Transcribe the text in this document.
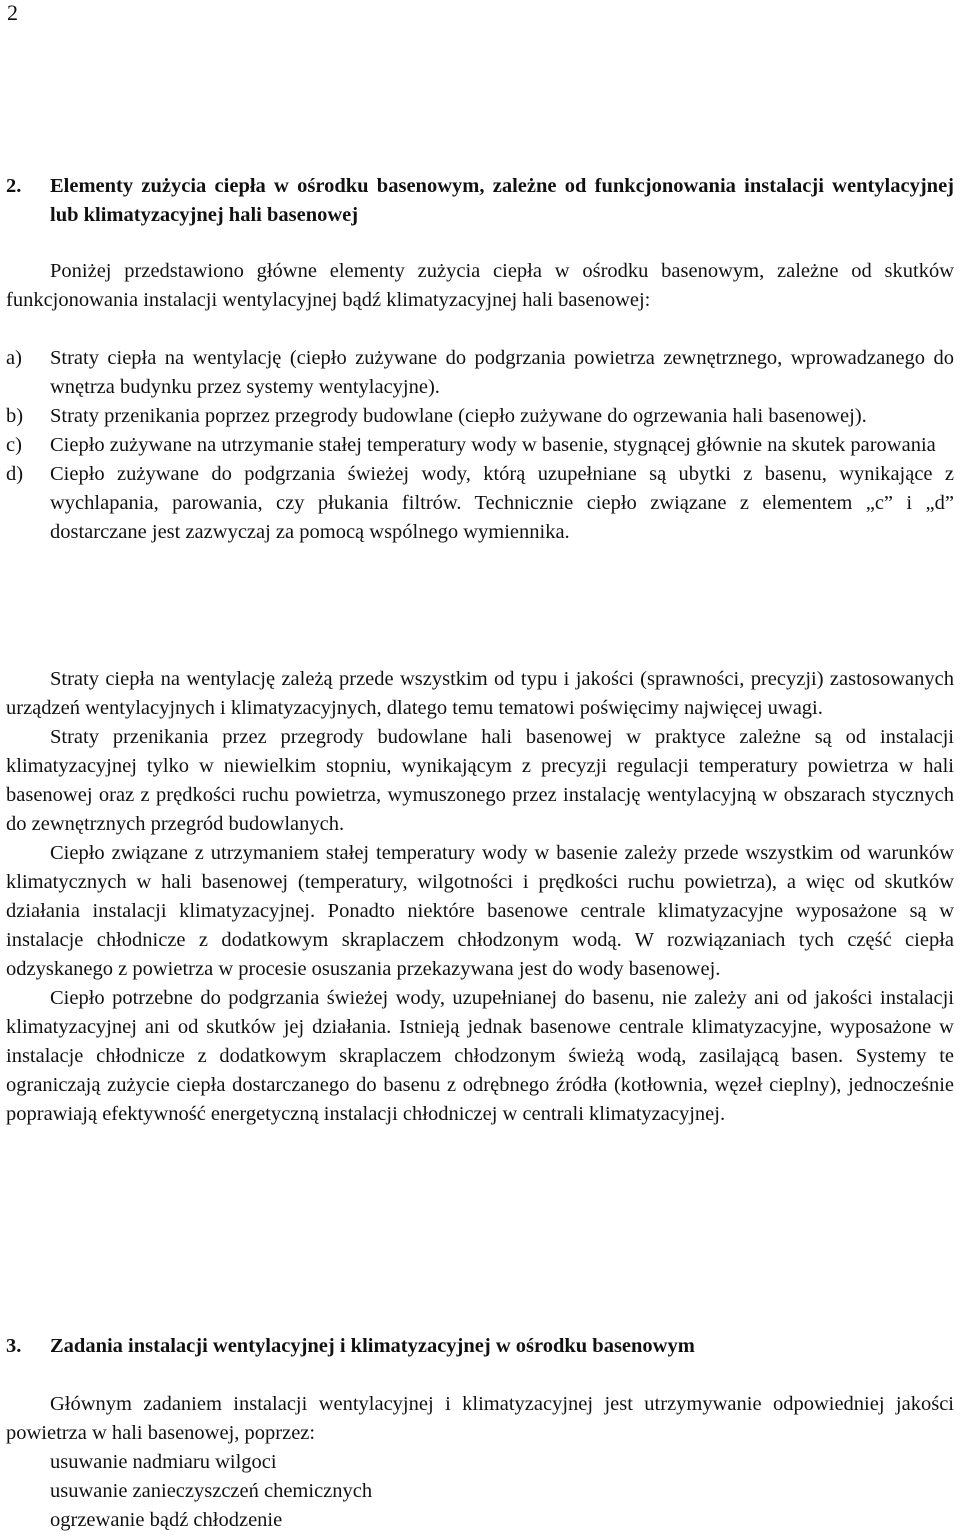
2
2.	Elementy zużycia ciepła w ośrodku basenowym, zależne od funkcjonowania instalacji wentylacyjnej lub klimatyzacyjnej hali basenowej

Poniżej przedstawiono główne elementy zużycia ciepła w ośrodku basenowym, zależne od skutków funkcjonowania instalacji wentylacyjnej bądź klimatyzacyjnej hali basenowej:

a) Straty ciepła na wentylację (ciepło zużywane do podgrzania powietrza zewnętrznego, wprowadzanego do wnętrza budynku przez systemy wentylacyjne).
b) Straty przenikania poprzez przegrody budowlane (ciepło zużywane do ogrzewania hali basenowej).
c) Ciepło zużywane na utrzymanie stałej temperatury wody w basenie, stygnącej głównie na skutek parowania
d) Ciepło zużywane do podgrzania świeżej wody, którą uzupełniane są ubytki z basenu, wynikające z wychlapania, parowania, czy płukania filtrów. Technicznie ciepło związane z elementem „c” i „d” dostarczane jest zazwyczaj za pomocą wspólnego wymiennika.

Straty ciepła na wentylację zależą przede wszystkim od typu i jakości (sprawności, precyzji) zastosowanych urządzeń wentylacyjnych i klimatyzacyjnych, dlatego temu tematowi poświęcimy najwięcej uwagi.

Straty przenikania przez przegrody budowlane hali basenowej w praktyce zależne są od instalacji klimatyzacyjnej tylko w niewielkim stopniu, wynikającym z precyzji regulacji temperatury powietrza w hali basenowej oraz z prędkości ruchu powietrza, wymuszonego przez instalację wentylacyjną w obszarach stycznych do zewnętrznych przegród budowlanych.

Ciepło związane z utrzymaniem stałej temperatury wody w basenie zależy przede wszystkim od warunków klimatycznych w hali basenowej (temperatury, wilgotności i prędkości ruchu powietrza), a więc od skutków działania instalacji klimatyzacyjnej. Ponadto niektóre basenowe centrale klimatyzacyjne wyposażone są w instalacje chłodnicze z dodatkowym skraplaczem chłodzonym wodą. W rozwiązaniach tych część ciepła odzyskanego z powietrza w procesie osuszania przekazywana jest do wody basenowej.

Ciepło potrzebne do podgrzania świeżej wody, uzupełnianej do basenu, nie zależy ani od jakości instalacji klimatyzacyjnej ani od skutków jej działania. Istnieją jednak basenowe centrale klimatyzacyjne, wyposażone w instalacje chłodnicze z dodatkowym skraplaczem chłodzonym świeżą wodą, zasilającą basen. Systemy te ograniczają zużycie ciepła dostarczanego do basenu z odrębnego źródła (kotłownia, węzeł cieplny), jednocześnie poprawiają efektywność energetyczną instalacji chłodniczej w centrali klimatyzacyjnej.

3.	Zadania instalacji wentylacyjnej i klimatyzacyjnej w ośrodku basenowym

Głównym zadaniem instalacji wentylacyjnej i klimatyzacyjnej jest utrzymywanie odpowiedniej jakości powietrza w hali basenowej, poprzez:

usuwanie nadmiaru wilgoci
usuwanie zanieczyszczeń chemicznych
ogrzewanie bądź chłodzenie
